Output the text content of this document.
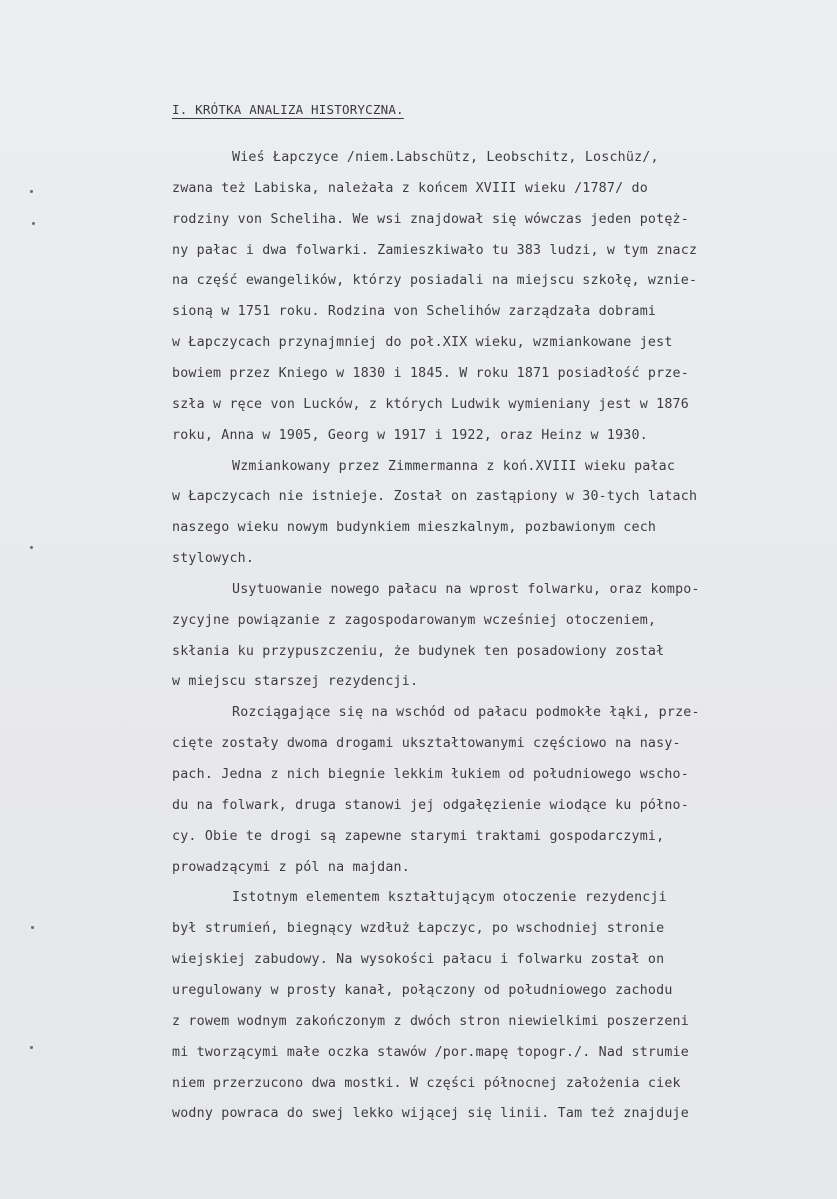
I. KRÓTKA ANALIZA HISTORYCZNA.
Wieś Łapczyce /niem.Labschütz, Leobschitz, Loschüz/,
zwana też Labiska, należała z końcem XVIII wieku /1787/ do
rodziny von Scheliha. We wsi znajdował się wówczas jeden potęż-
ny pałac i dwa folwarki. Zamieszkiwało tu 383 ludzi, w tym znacz
na część ewangelików, którzy posiadali na miejscu szkołę, wznie-
sioną w 1751 roku. Rodzina von Schelihów zarządzała dobrami
w Łapczycach przynajmniej do poł.XIX wieku, wzmiankowane jest
bowiem przez Kniego w 1830 i 1845. W roku 1871 posiadłość prze-
szła w ręce von Lucków, z których Ludwik wymieniany jest w 1876
roku, Anna w 1905, Georg w 1917 i 1922, oraz Heinz w 1930.
Wzmiankowany przez Zimmermanna z koń.XVIII wieku pałac
w Łapczycach nie istnieje. Został on zastąpiony w 30-tych latach
naszego wieku nowym budynkiem mieszkalnym, pozbawionym cech
stylowych.
Usytuowanie nowego pałacu na wprost folwarku, oraz kompo-
zycyjne powiązanie z zagospodarowanym wcześniej otoczeniem,
skłania ku przypuszczeniu, że budynek ten posadowiony został
w miejscu starszej rezydencji.
Rozciągające się na wschód od pałacu podmokłe łąki, prze-
cięte zostały dwoma drogami ukształtowanymi częściowo na nasy-
pach. Jedna z nich biegnie lekkim łukiem od południowego wscho-
du na folwark, druga stanowi jej odgałęzienie wiodące ku półno-
cy. Obie te drogi są zapewne starymi traktami gospodarczymi,
prowadzącymi z pól na majdan.
Istotnym elementem kształtującym otoczenie rezydencji
był strumień, biegnący wzdłuż Łapczyc, po wschodniej stronie
wiejskiej zabudowy. Na wysokości pałacu i folwarku został on
uregulowany w prosty kanał, połączony od południowego zachodu
z rowem wodnym zakończonym z dwóch stron niewielkimi poszerzeni
mi tworzącymi małe oczka stawów /por.mapę topogr./. Nad strumie
niem przerzucono dwa mostki. W części północnej założenia ciek
wodny powraca do swej lekko wijącej się linii. Tam też znajduje
